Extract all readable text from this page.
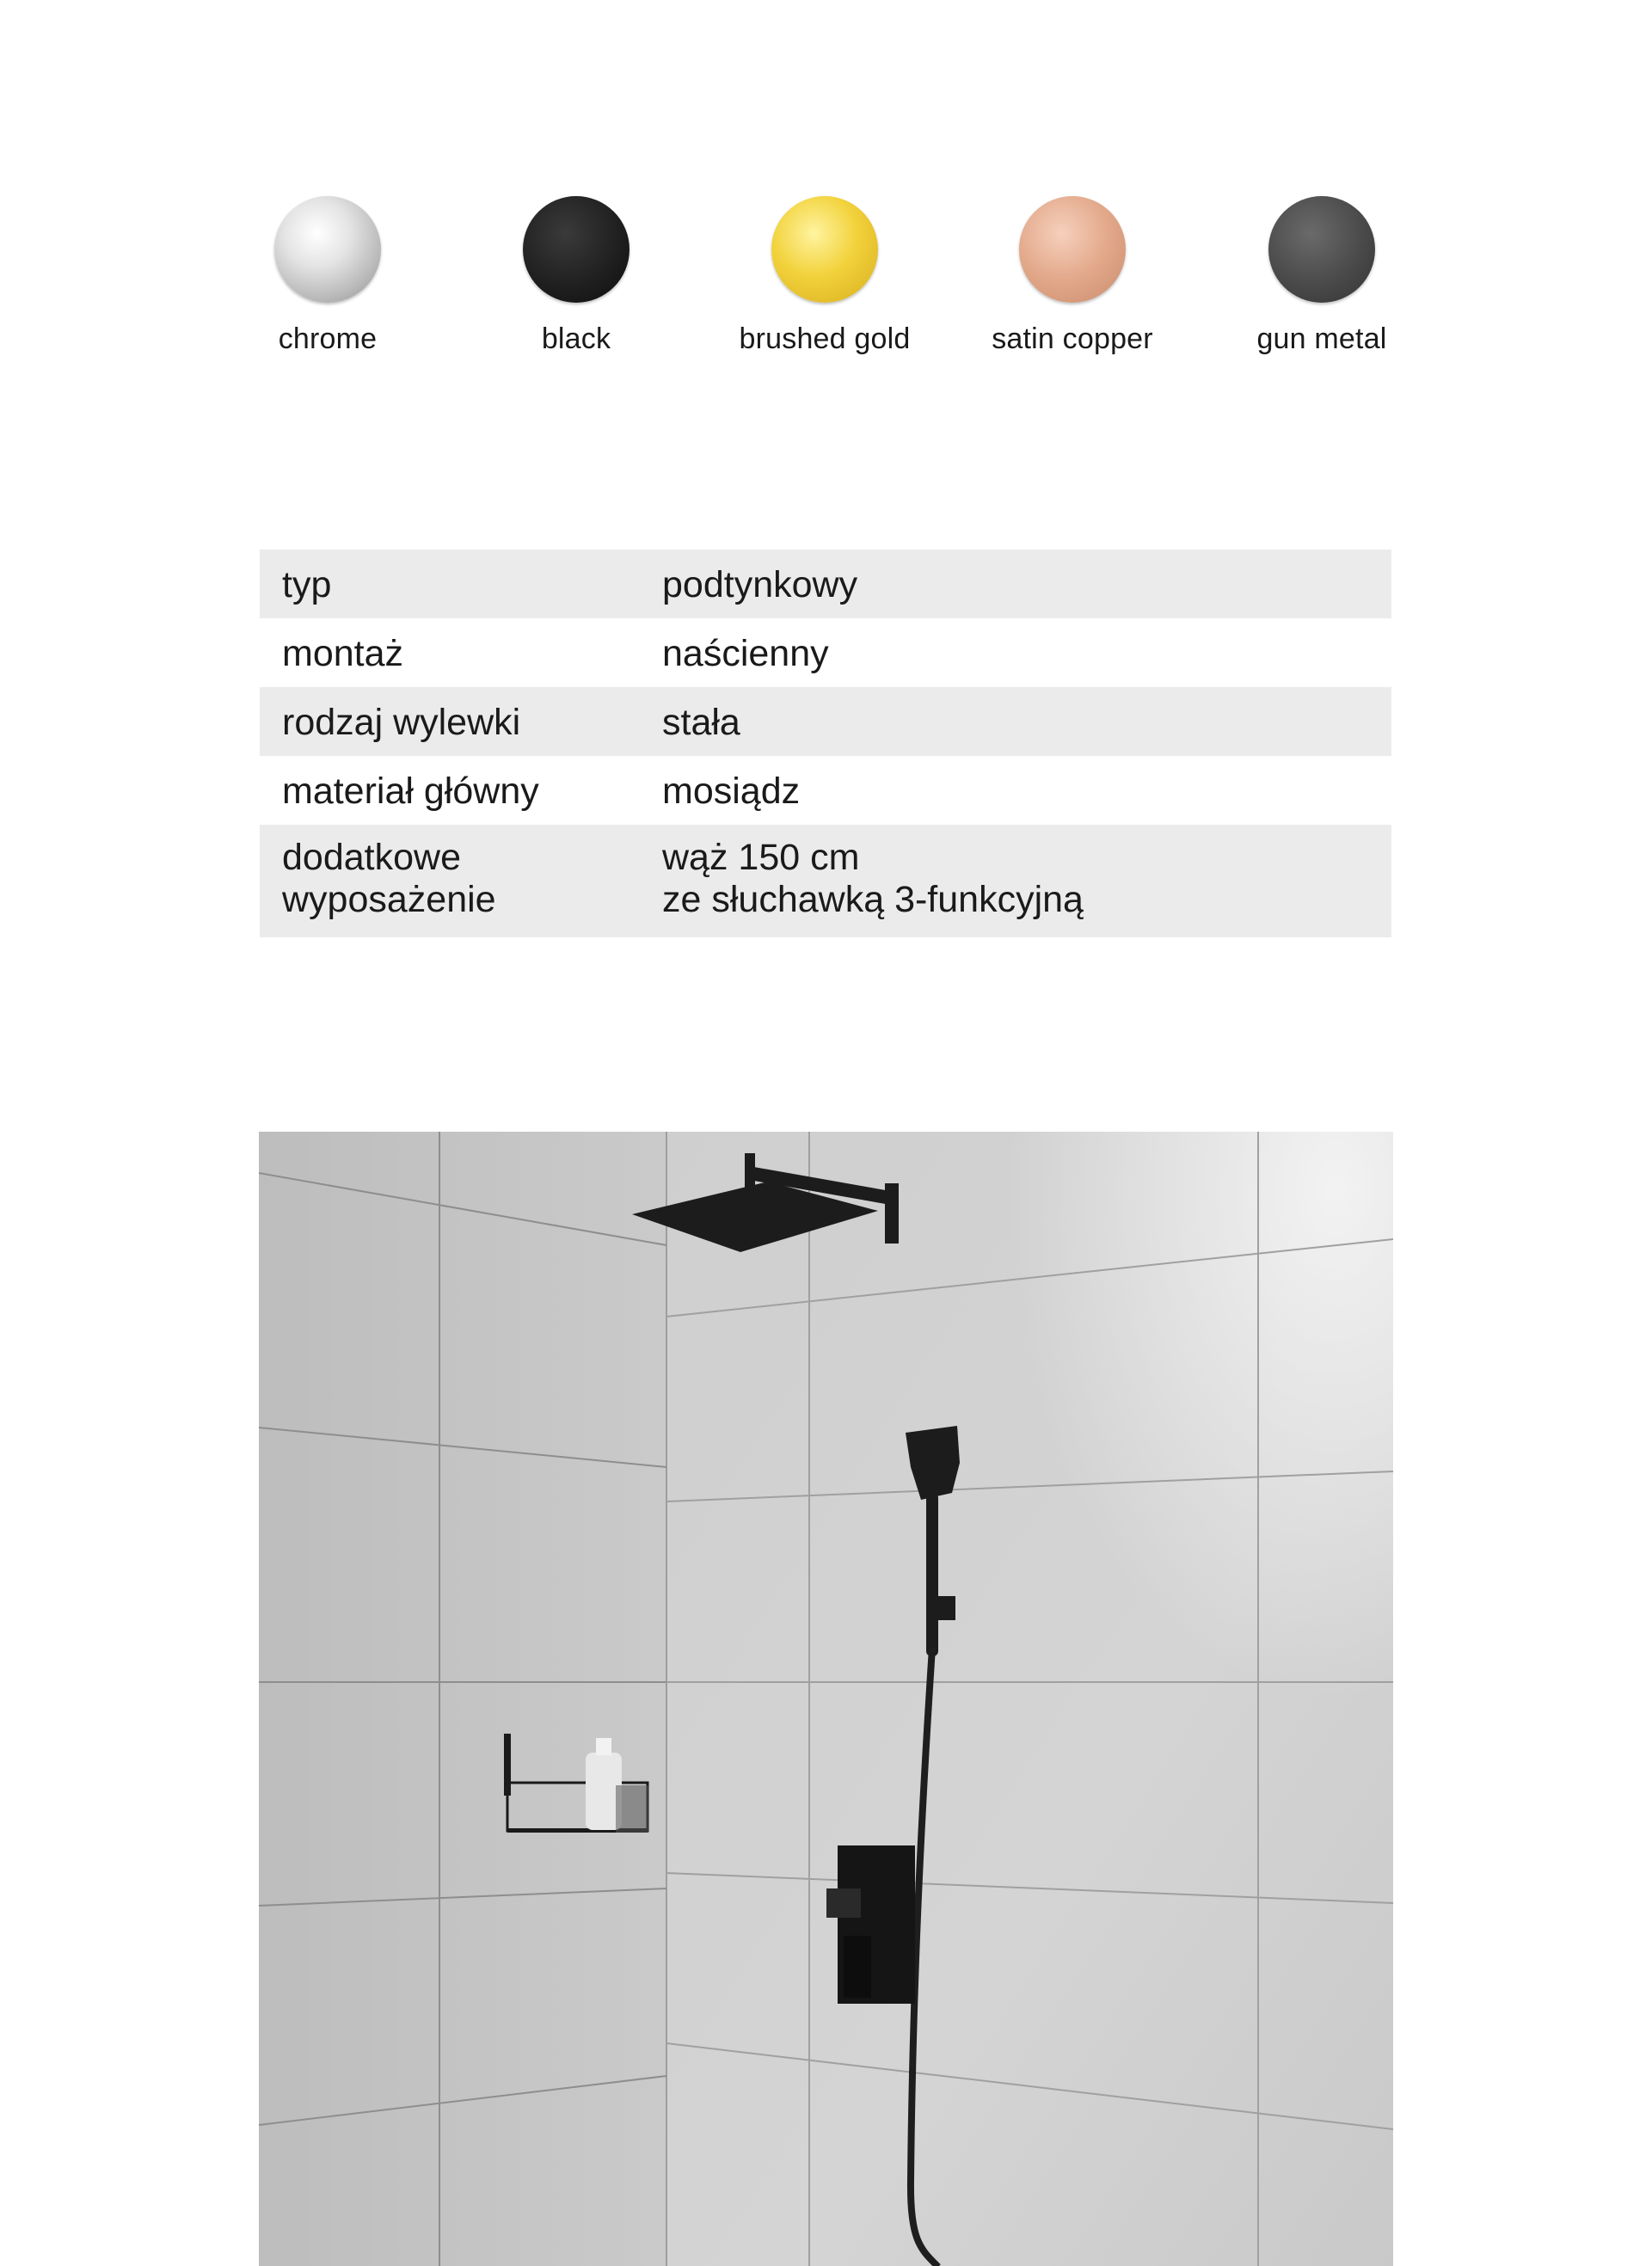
chrome	black	brushed gold	satin copper	gun metal
typ	podtynkowy
montaż	naścienny
rodzaj wylewki	stała
materiał główny	mosiądz

dodatkowe
wyposażenie	wąż 150 cm
ze słuchawką 3-funkcyjną
